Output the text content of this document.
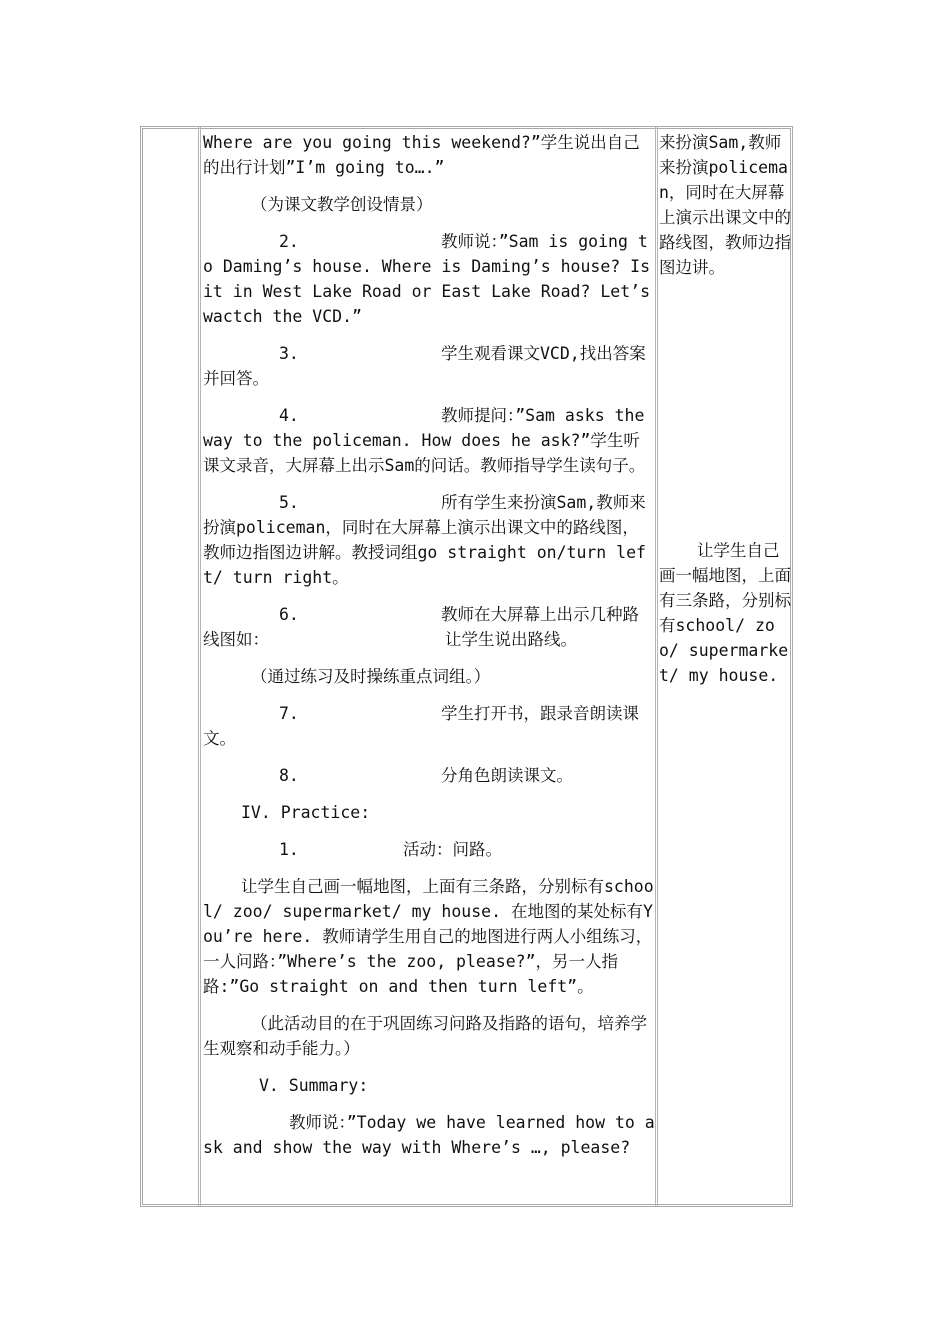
Where are you going this weekend?”学生说出自己的出行计划”I’m going to….”

（为课文教学创设情景）

2.	教师说：”Sam is going to Daming’s house. Where is Daming’s house? Is it in West Lake Road or East Lake Road? Let’s wactch the VCD.”

3.	学生观看课文VCD,找出答案并回答。

4.	教师提问：”Sam asks the way to the policeman. How does he ask?”学生听课文录音，大屏幕上出示Sam的问话。教师指导学生读句子。

5.	所有学生来扮演Sam,教师来扮演policeman，同时在大屏幕上演示出课文中的路线图，教师边指图边讲解。教授词组go straight on/turn left/ turn right。

6.	教师在大屏幕上出示几种路线图如：	让学生说出路线。

（通过练习及时操练重点词组。）

7.	学生打开书，跟录音朗读课文。

8.	分角色朗读课文。

IV. Practice:

1.	活动：问路。

让学生自己画一幅地图，上面有三条路，分别标有school/ zoo/ supermarket/ my house. 在地图的某处标有You’re here. 教师请学生用自己的地图进行两人小组练习，一人问路：”Where’s the zoo, please?”，另一人指路:”Go straight on and then turn left”。

（此活动目的在于巩固练习问路及指路的语句，培养学生观察和动手能力。）

V. Summary:

教师说：”Today we have learned how to ask and show the way with Where’s …, please?

来扮演Sam,教师来扮演policeman，同时在大屏幕上演示出课文中的路线图，教师边指图边讲。

让学生自己画一幅地图，上面有三条路，分别标有school/ zoo/ supermarket/ my house.
